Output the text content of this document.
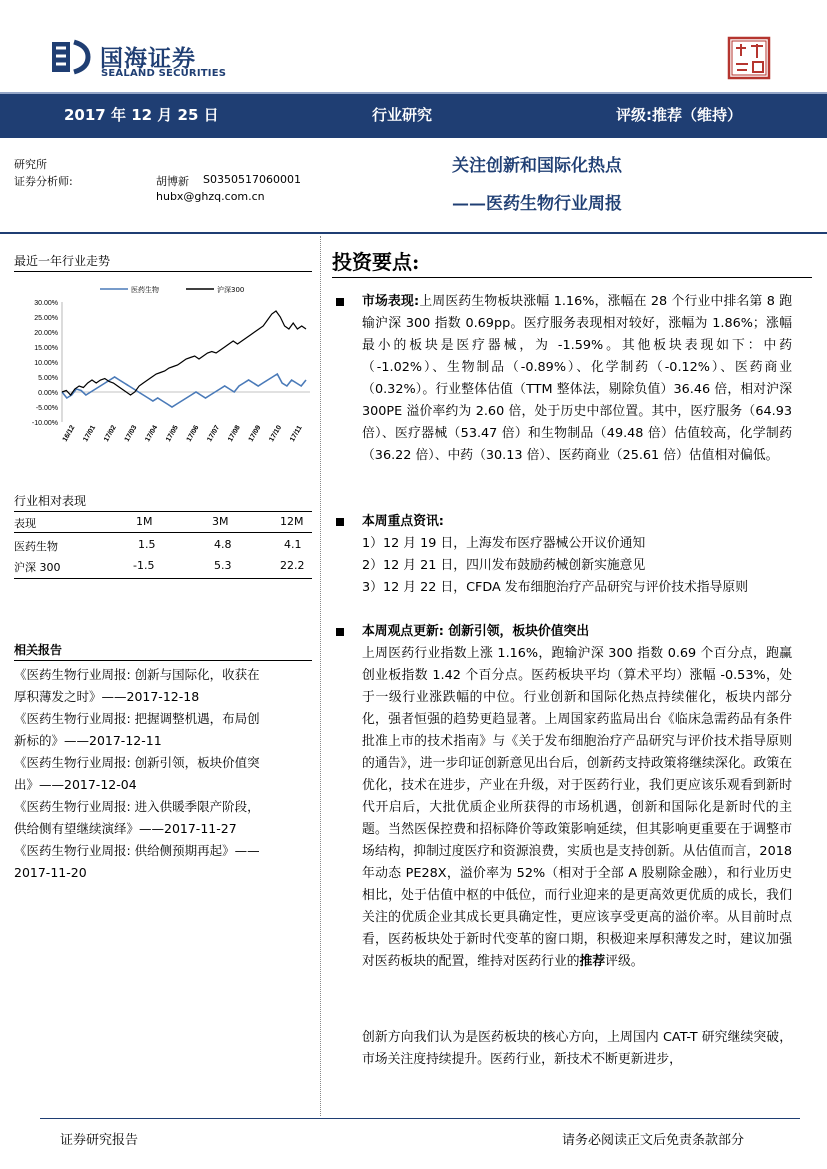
国海证券
SEALAND SECURITIES
2017 年 12 月 25 日	行业研究	评级:推荐（维持）
研究所
证券分析师:	胡博新 S0350517060001
hubx@ghzq.com.cn
关注创新和国际化热点
——医药生物行业周报
最近一年行业走势
医药生物	沪深300
30.00%
25.00%
20.00%
15.00%
10.00%
5.00%
0.00%
-5.00%
-10.00%
16/12 17/01 17/02 17/03 17/04 17/05 17/06 17/07 17/08 17/09 17/10 17/11
行业相对表现
表现	1M	3M	12M
医药生物	1.5	4.8	4.1
沪深 300	-1.5	5.3	22.2
相关报告
《医药生物行业周报: 创新与国际化，收获在
厚积薄发之时》——2017-12-18
《医药生物行业周报: 把握调整机遇，布局创
新标的》——2017-12-11
《医药生物行业周报: 创新引领，板块价值突
出》——2017-12-04
《医药生物行业周报: 进入供暖季限产阶段，
供给侧有望继续演绎》——2017-11-27
《医药生物行业周报: 供给侧预期再起》——
2017-11-20
投资要点:

市场表现:上周医药生物板块涨幅 1.16%，涨幅在 28 个行业中排名第 8 跑输沪深 300 指数 0.69pp。医疗服务表现相对较好，涨幅为 1.86%；涨幅最小的板块是医疗器械，为 -1.59%。其他板块表现如下：中药（-1.02%）、生物制品（-0.89%）、化学制药（-0.12%）、医药商业（0.32%）。行业整体估值（TTM 整体法，剔除负值）36.46 倍，相对沪深 300PE 溢价率约为 2.60 倍，处于历史中部位置。其中，医疗服务（64.93 倍）、医疗器械（53.47 倍）和生物制品（49.48 倍）估值较高，化学制药（36.22 倍）、中药（30.13 倍）、医药商业（25.61 倍）估值相对偏低。

本周重点资讯:

1）12 月 19 日，上海发布医疗器械公开议价通知

2）12 月 21 日，四川发布鼓励药械创新实施意见

3）12 月 22 日，CFDA 发布细胞治疗产品研究与评价技术指导原则

本周观点更新: 创新引领，板块价值突出

上周医药行业指数上涨 1.16%，跑输沪深 300 指数 0.69 个百分点，跑赢创业板指数 1.42 个百分点。医药板块平均（算术平均）涨幅 -0.53%，处于一级行业涨跌幅的中位。行业创新和国际化热点持续催化，板块内部分化，强者恒强的趋势更趋显著。上周国家药监局出台《临床急需药品有条件批准上市的技术指南》与《关于发布细胞治疗产品研究与评价技术指导原则的通告》，进一步印证创新意见出台后，创新药支持政策将继续深化。政策在优化，技术在进步，产业在升级，对于医药行业，我们更应该乐观看到新时代开启后，大批优质企业所获得的市场机遇，创新和国际化是新时代的主题。当然医保控费和招标降价等政策影响延续，但其影响更重要在于调整市场结构，抑制过度医疗和资源浪费，实质也是支持创新。从估值而言，2018 年动态 PE28X，溢价率为 52%（相对于全部 A 股剔除金融），和行业历史相比，处于估值中枢的中低位，而行业迎来的是更高效更优质的成长，我们关注的优质企业其成长更具确定性，更应该享受更高的溢价率。从目前时点看，医药板块处于新时代变革的窗口期，积极迎来厚积薄发之时，建议加强对医药板块的配置，维持对医药行业的推荐评级。

创新方向我们认为是医药板块的核心方向，上周国内 CAT-T 研究继续突破，市场关注度持续提升。医药行业，新技术不断更新进步，

证券研究报告	请务必阅读正文后免责条款部分
